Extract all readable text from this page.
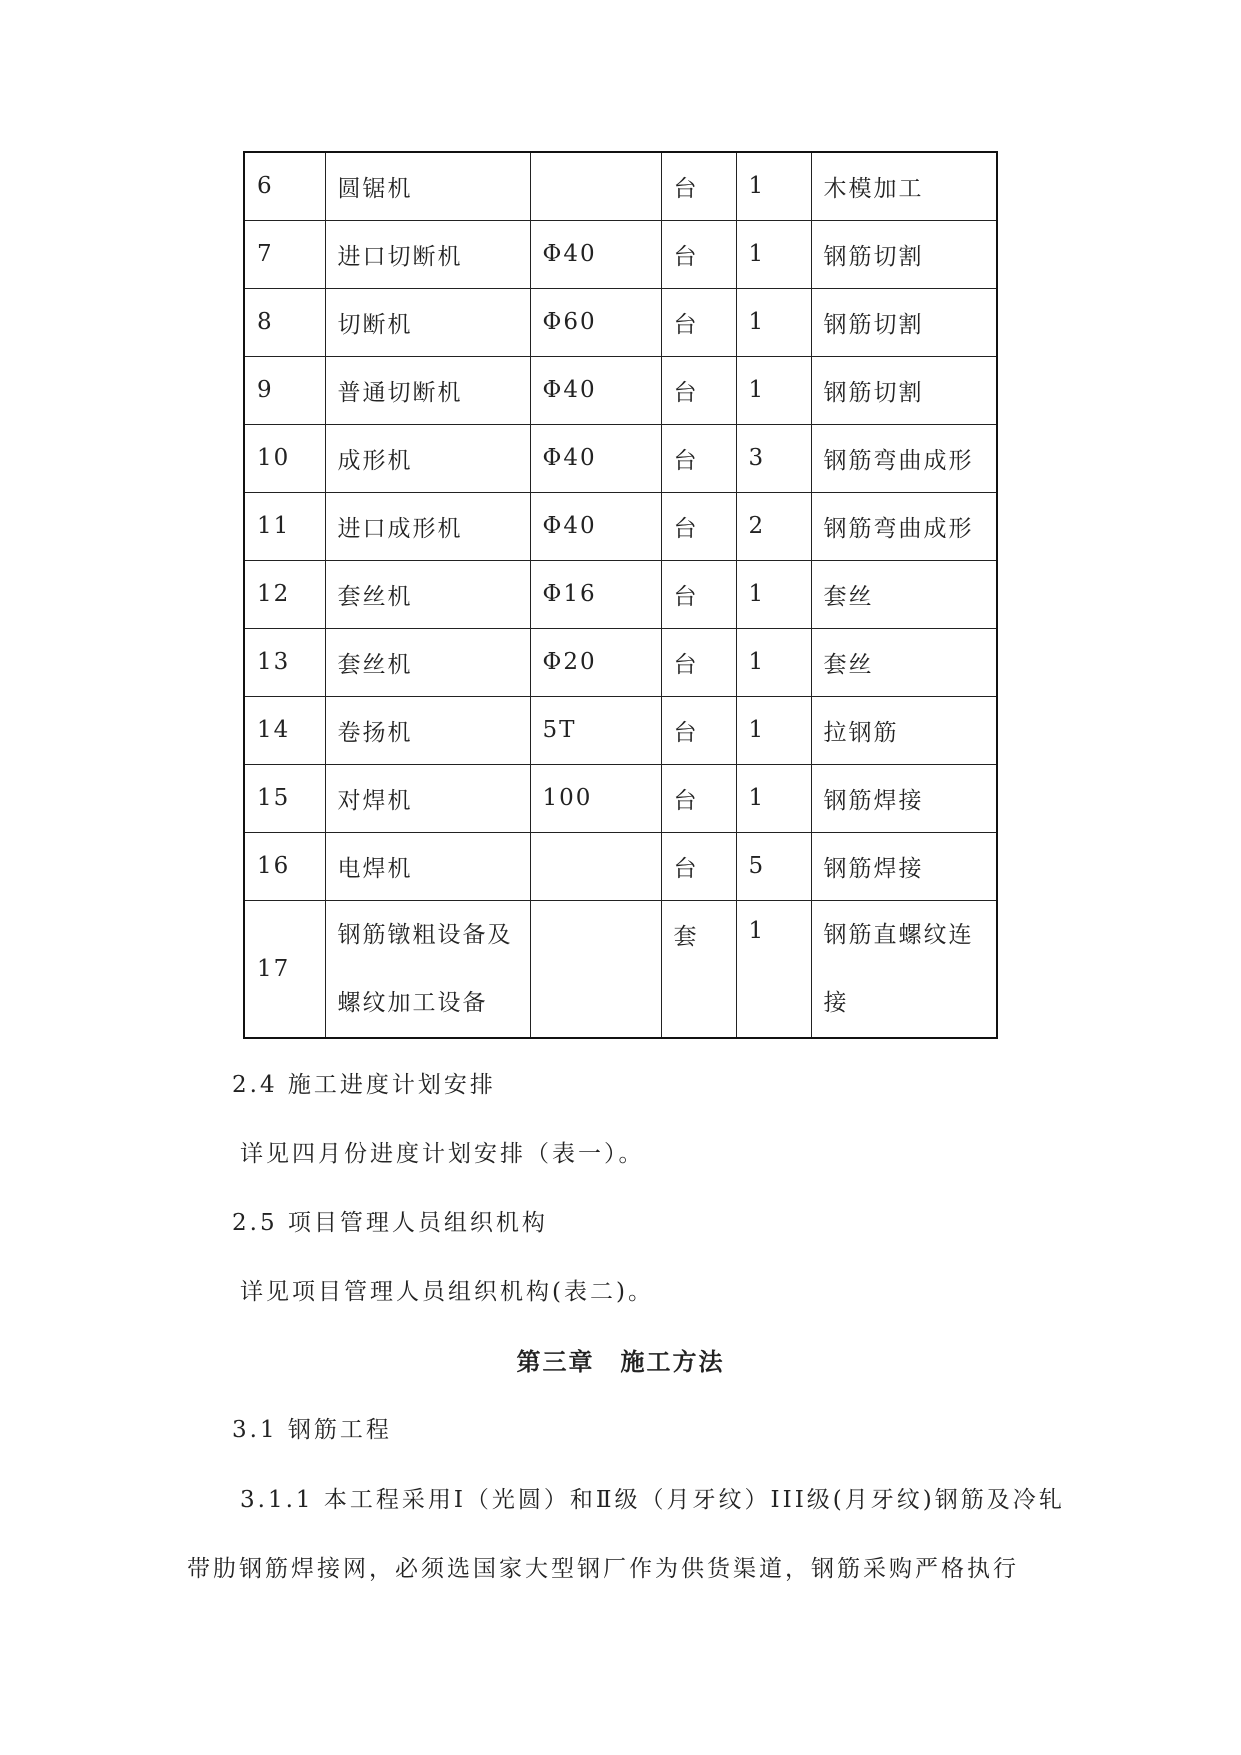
6	圆锯机		台	1	木模加工
7	进口切断机	Φ40	台	1	钢筋切割
8	切断机	Φ60	台	1	钢筋切割
9	普通切断机	Φ40	台	1	钢筋切割
10	成形机	Φ40	台	3	钢筋弯曲成形
11	进口成形机	Φ40	台	2	钢筋弯曲成形
12	套丝机	Φ16	台	1	套丝
13	套丝机	Φ20	台	1	套丝
14	卷扬机	5T	台	1	拉钢筋
15	对焊机	100	台	1	钢筋焊接
16	电焊机		台	5	钢筋焊接
17	钢筋镦粗设备及螺纹加工设备		套	1	钢筋直螺纹连接
2.4 施工进度计划安排
详见四月份进度计划安排（表一）。
2.5 项目管理人员组织机构
详见项目管理人员组织机构(表二)。
第三章　施工方法
3.1 钢筋工程
3.1.1 本工程采用Ⅰ（光圆）和Ⅱ级（月牙纹）III级(月牙纹)钢筋及冷轧
带肋钢筋焊接网，必须选国家大型钢厂作为供货渠道，钢筋采购严格执行
